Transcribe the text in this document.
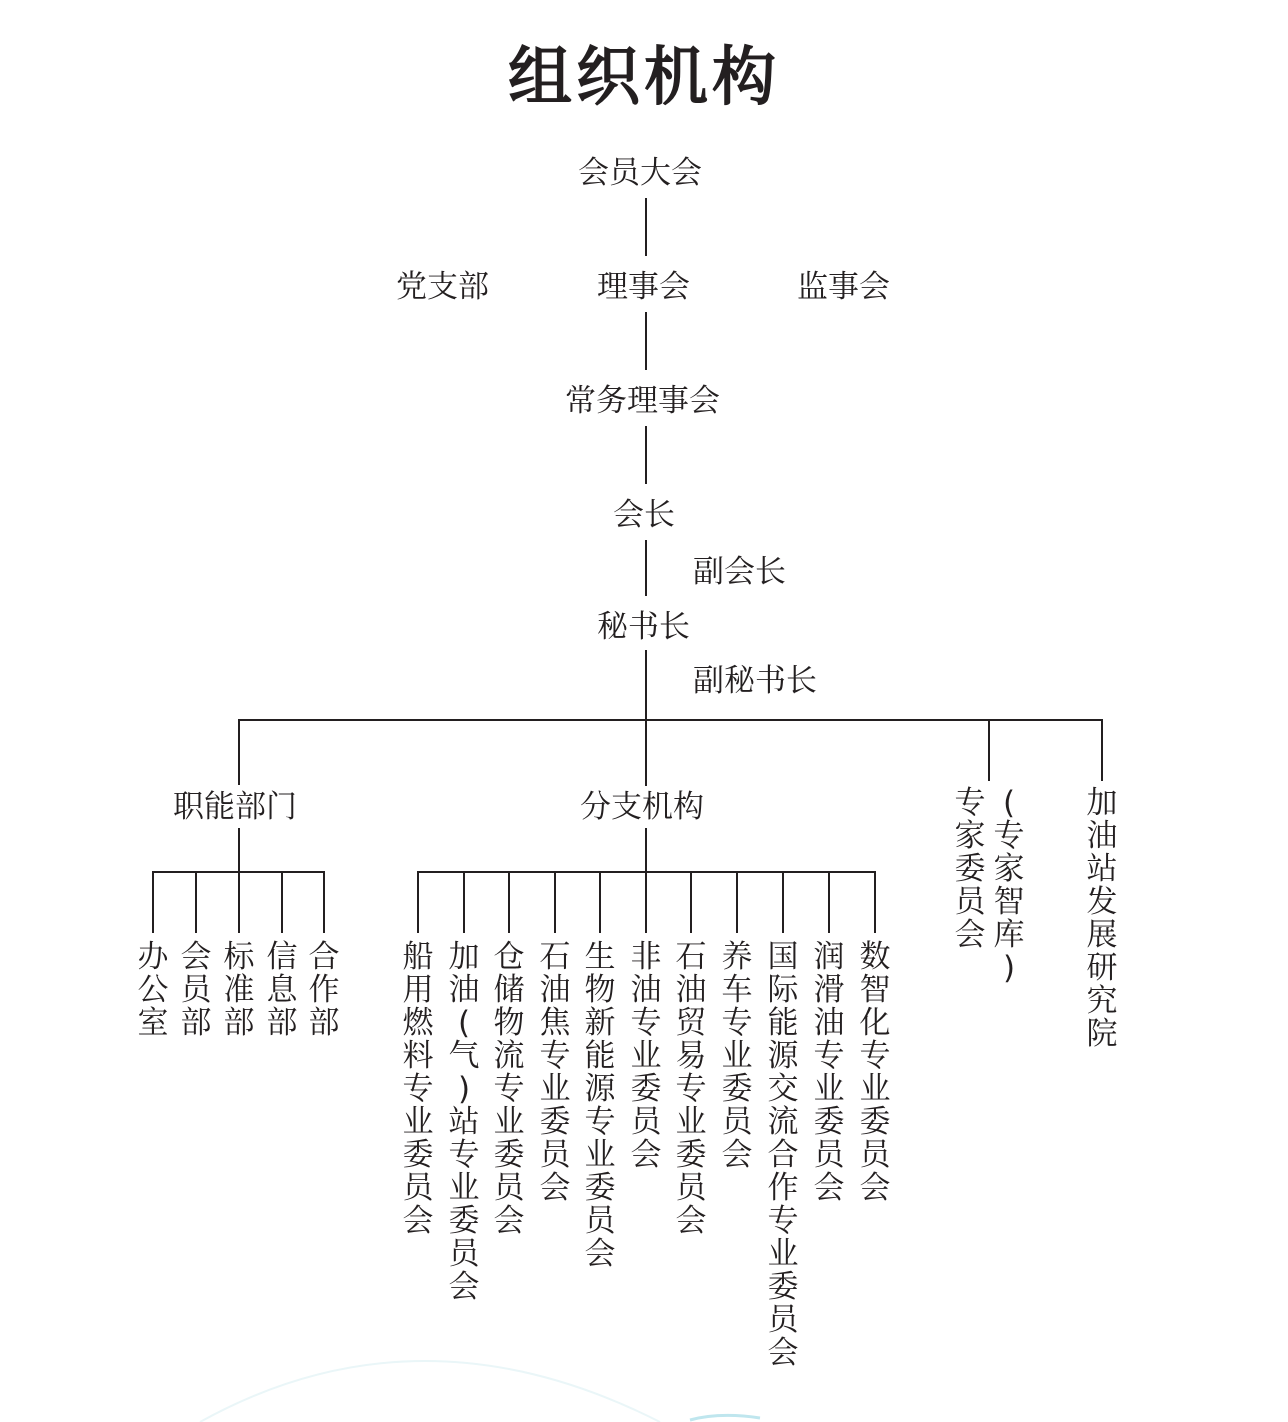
组织机构
会员大会
党支部	理事会	监事会
常务理事会
会长
副会长
秘书长
副秘书长
职能部门	分支机构
办
公
室
会
员
部
标
准
部
信
息
部
合
作
部
船
用
燃
料
专
业
委
员
会
加
油
(
气
)
站
专
业
委
员
会
仓
储
物
流
专
业
委
员
会
石
油
焦
专
业
委
员
会
生
物
新
能
源
专
业
委
员
会
非
油
专
业
委
员
会
石
油
贸
易
专
业
委
员
会
养
车
专
业
委
员
会
国
际
能
源
交
流
合
作
专
业
委
员
会
润
滑
油
专
业
委
员
会
数
智
化
专
业
委
员
会
专
家
委
员
会
(
专
家
智
库
)
加
油
站
发
展
研
究
院
